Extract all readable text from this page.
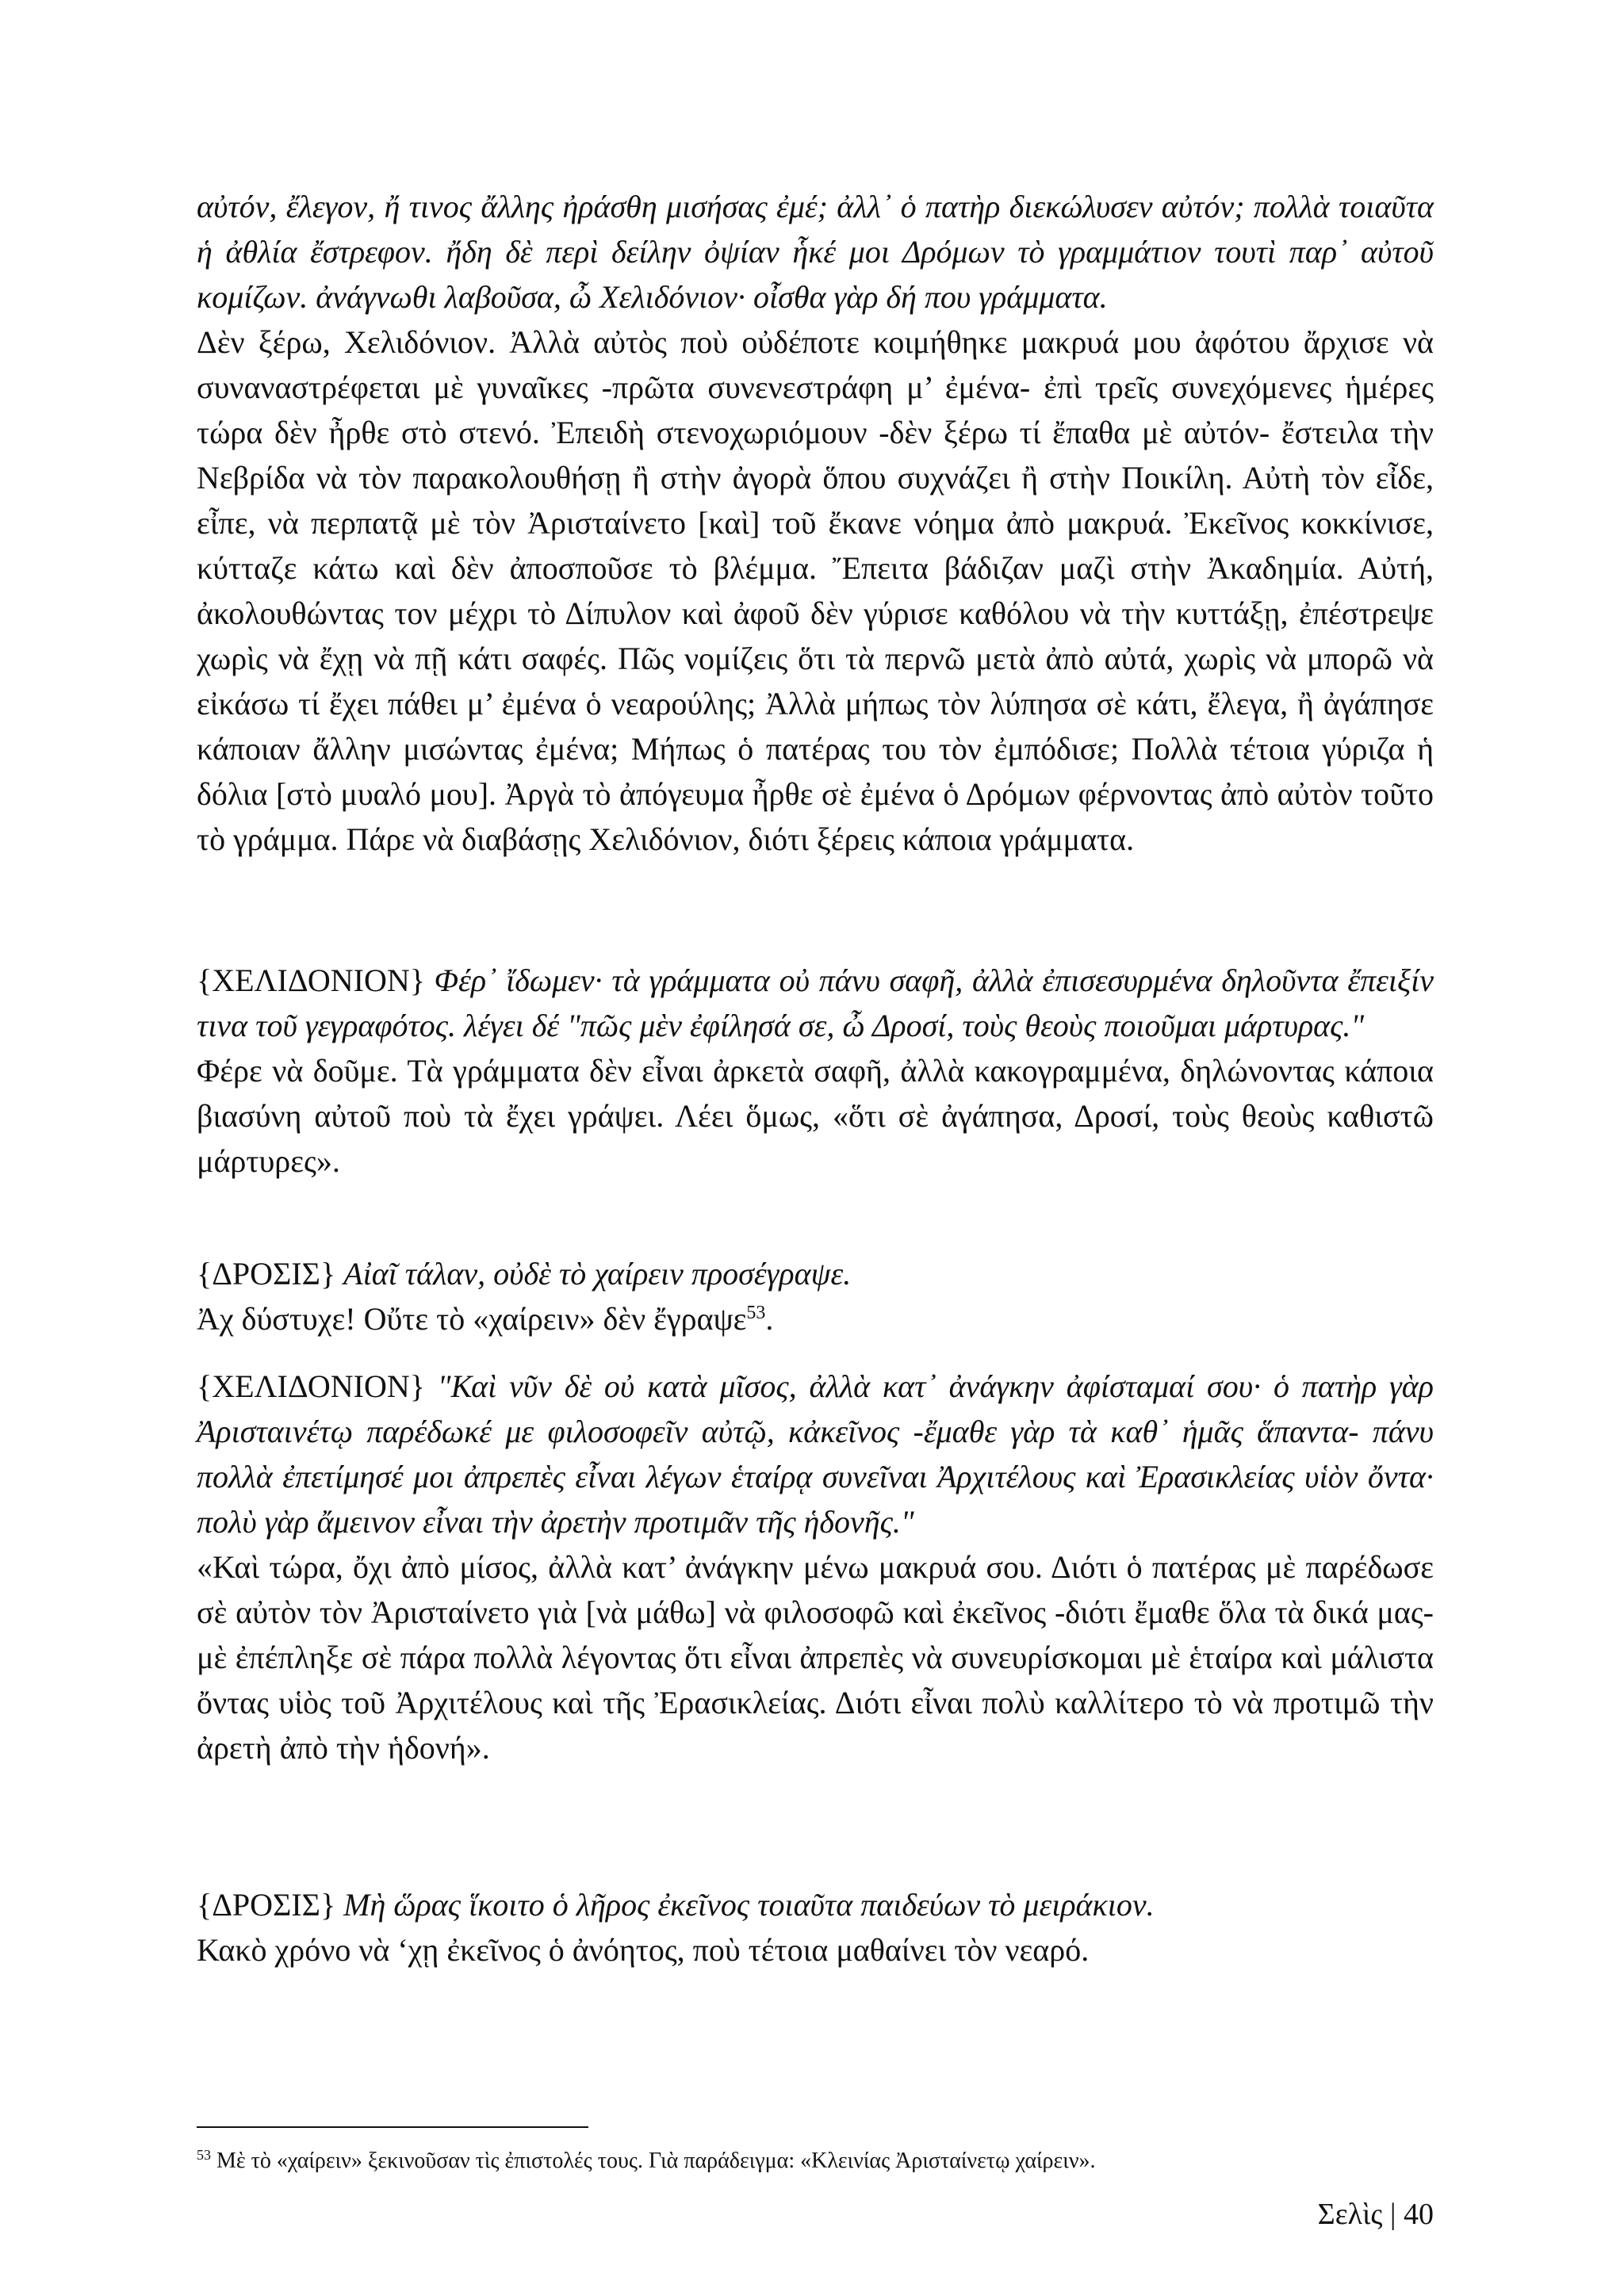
αὐτόν, ἔλεγον, ἤ τινος ἄλλης ἠράσθη μισήσας ἐμέ; ἀλλ᾽ ὁ πατὴρ διεκώλυσεν αὐτόν; πολλὰ τοιαῦτα ἡ ἀθλία ἔστρεφον. ἤδη δὲ περὶ δείλην ὀψίαν ἧκέ μοι Δρόμων τὸ γραμμάτιον τουτὶ παρ᾽ αὐτοῦ κομίζων. ἀνάγνωθι λαβοῦσα, ὦ Χελιδόνιον· οἶσθα γὰρ δή που γράμματα.

Δὲν ξέρω, Χελιδόνιον. Ἀλλὰ αὐτὸς ποὺ οὐδέποτε κοιμήθηκε μακρυά μου ἀφότου ἄρχισε νὰ συναναστρέφεται μὲ γυναῖκες -πρῶτα συνενεστράφη μ’ ἐμένα- ἐπὶ τρεῖς συνεχόμενες ἡμέρες τώρα δὲν ἦρθε στὸ στενό. Ἐπειδὴ στενοχωριόμουν -δὲν ξέρω τί ἔπαθα μὲ αὐτόν- ἔστειλα τὴν Νεβρίδα νὰ τὸν παρακολουθήσῃ ἢ στὴν ἀγορὰ ὅπου συχνάζει ἢ στὴν Ποικίλη. Αὐτὴ τὸν εἶδε, εἶπε, νὰ περπατᾷ μὲ τὸν Ἀρισταίνετο [καὶ] τοῦ ἔκανε νόημα ἀπὸ μακρυά. Ἐκεῖνος κοκκίνισε, κύτταζε κάτω καὶ δὲν ἀποσποῦσε τὸ βλέμμα. Ἔπειτα βάδιζαν μαζὶ στὴν Ἀκαδημία. Αὐτή, ἀκολουθώντας τον μέχρι τὸ Δίπυλον καὶ ἀφοῦ δὲν γύρισε καθόλου νὰ τὴν κυττάξῃ, ἐπέστρεψε χωρὶς νὰ ἔχῃ νὰ πῇ κάτι σαφές. Πῶς νομίζεις ὅτι τὰ περνῶ μετὰ ἀπὸ αὐτά, χωρὶς νὰ μπορῶ νὰ εἰκάσω τί ἔχει πάθει μ’ ἐμένα ὁ νεαρούλης; Ἀλλὰ μήπως τὸν λύπησα σὲ κάτι, ἔλεγα, ἢ ἀγάπησε κάποιαν ἄλλην μισώντας ἐμένα; Μήπως ὁ πατέρας του τὸν ἐμπόδισε; Πολλὰ τέτοια γύριζα ἡ δόλια [στὸ μυαλό μου]. Ἀργὰ τὸ ἀπόγευμα ἦρθε σὲ ἐμένα ὁ Δρόμων φέρνοντας ἀπὸ αὐτὸν τοῦτο τὸ γράμμα. Πάρε νὰ διαβάσῃς Χελιδόνιον, διότι ξέρεις κάποια γράμματα.

{ΧΕΛΙΔΟΝΙΟΝ} Φέρ᾽ ἴδωμεν· τὰ γράμματα οὐ πάνυ σαφῆ, ἀλλὰ ἐπισεσυρμένα δηλοῦντα ἔπειξίν τινα τοῦ γεγραφότος. λέγει δέ "πῶς μὲν ἐφίλησά σε, ὦ Δροσί, τοὺς θεοὺς ποιοῦμαι μάρτυρας."

Φέρε νὰ δοῦμε. Τὰ γράμματα δὲν εἶναι ἀρκετὰ σαφῆ, ἀλλὰ κακογραμμένα, δηλώνοντας κάποια βιασύνη αὐτοῦ ποὺ τὰ ἔχει γράψει. Λέει ὅμως, «ὅτι σὲ ἀγάπησα, Δροσί, τοὺς θεοὺς καθιστῶ μάρτυρες».

{ΔΡΟΣΙΣ} Αἰαῖ τάλαν, οὐδὲ τὸ χαίρειν προσέγραψε.

Ἀχ δύστυχε! Οὔτε τὸ «χαίρειν» δὲν ἔγραψε$^{53}$.

{ΧΕΛΙΔΟΝΙΟΝ} "Καὶ νῦν δὲ οὐ κατὰ μῖσος, ἀλλὰ κατ᾽ ἀνάγκην ἀφίσταμαί σου· ὁ πατὴρ γὰρ Ἀρισταινέτῳ παρέδωκέ με φιλοσοφεῖν αὐτῷ, κἀκεῖνος -ἔμαθε γὰρ τὰ καθ᾽ ἡμᾶς ἅπαντα- πάνυ πολλὰ ἐπετίμησέ μοι ἀπρεπὲς εἶναι λέγων ἑταίρᾳ συνεῖναι Ἀρχιτέλους καὶ Ἐρασικλείας υἱὸν ὄντα· πολὺ γὰρ ἄμεινον εἶναι τὴν ἀρετὴν προτιμᾶν τῆς ἡδονῆς."

«Καὶ τώρα, ὄχι ἀπὸ μίσος, ἀλλὰ κατ’ ἀνάγκην μένω μακρυά σου. Διότι ὁ πατέρας μὲ παρέδωσε σὲ αὐτὸν τὸν Ἀρισταίνετο γιὰ [νὰ μάθω] νὰ φιλοσοφῶ καὶ ἐκεῖνος -διότι ἔμαθε ὅλα τὰ δικά μας- μὲ ἐπέπληξε σὲ πάρα πολλὰ λέγοντας ὅτι εἶναι ἀπρεπὲς νὰ συνευρίσκομαι μὲ ἑταίρα καὶ μάλιστα ὄντας υἱὸς τοῦ Ἀρχιτέλους καὶ τῆς Ἐρασικλείας. Διότι εἶναι πολὺ καλλίτερο τὸ νὰ προτιμῶ τὴν ἀρετὴ ἀπὸ τὴν ἡδονή».

{ΔΡΟΣΙΣ} Μὴ ὥρας ἵκοιτο ὁ λῆρος ἐκεῖνος τοιαῦτα παιδεύων τὸ μειράκιον.

Κακὸ χρόνο νὰ ‘χῃ ἐκεῖνος ὁ ἀνόητος, ποὺ τέτοια μαθαίνει τὸν νεαρό.

$^{53}$ Μὲ τὸ «χαίρειν» ξεκινοῦσαν τὶς ἐπιστολές τους. Γιὰ παράδειγμα: «Κλεινίας Ἀρισταίνετῳ χαίρειν».
Σελὶς | 40
